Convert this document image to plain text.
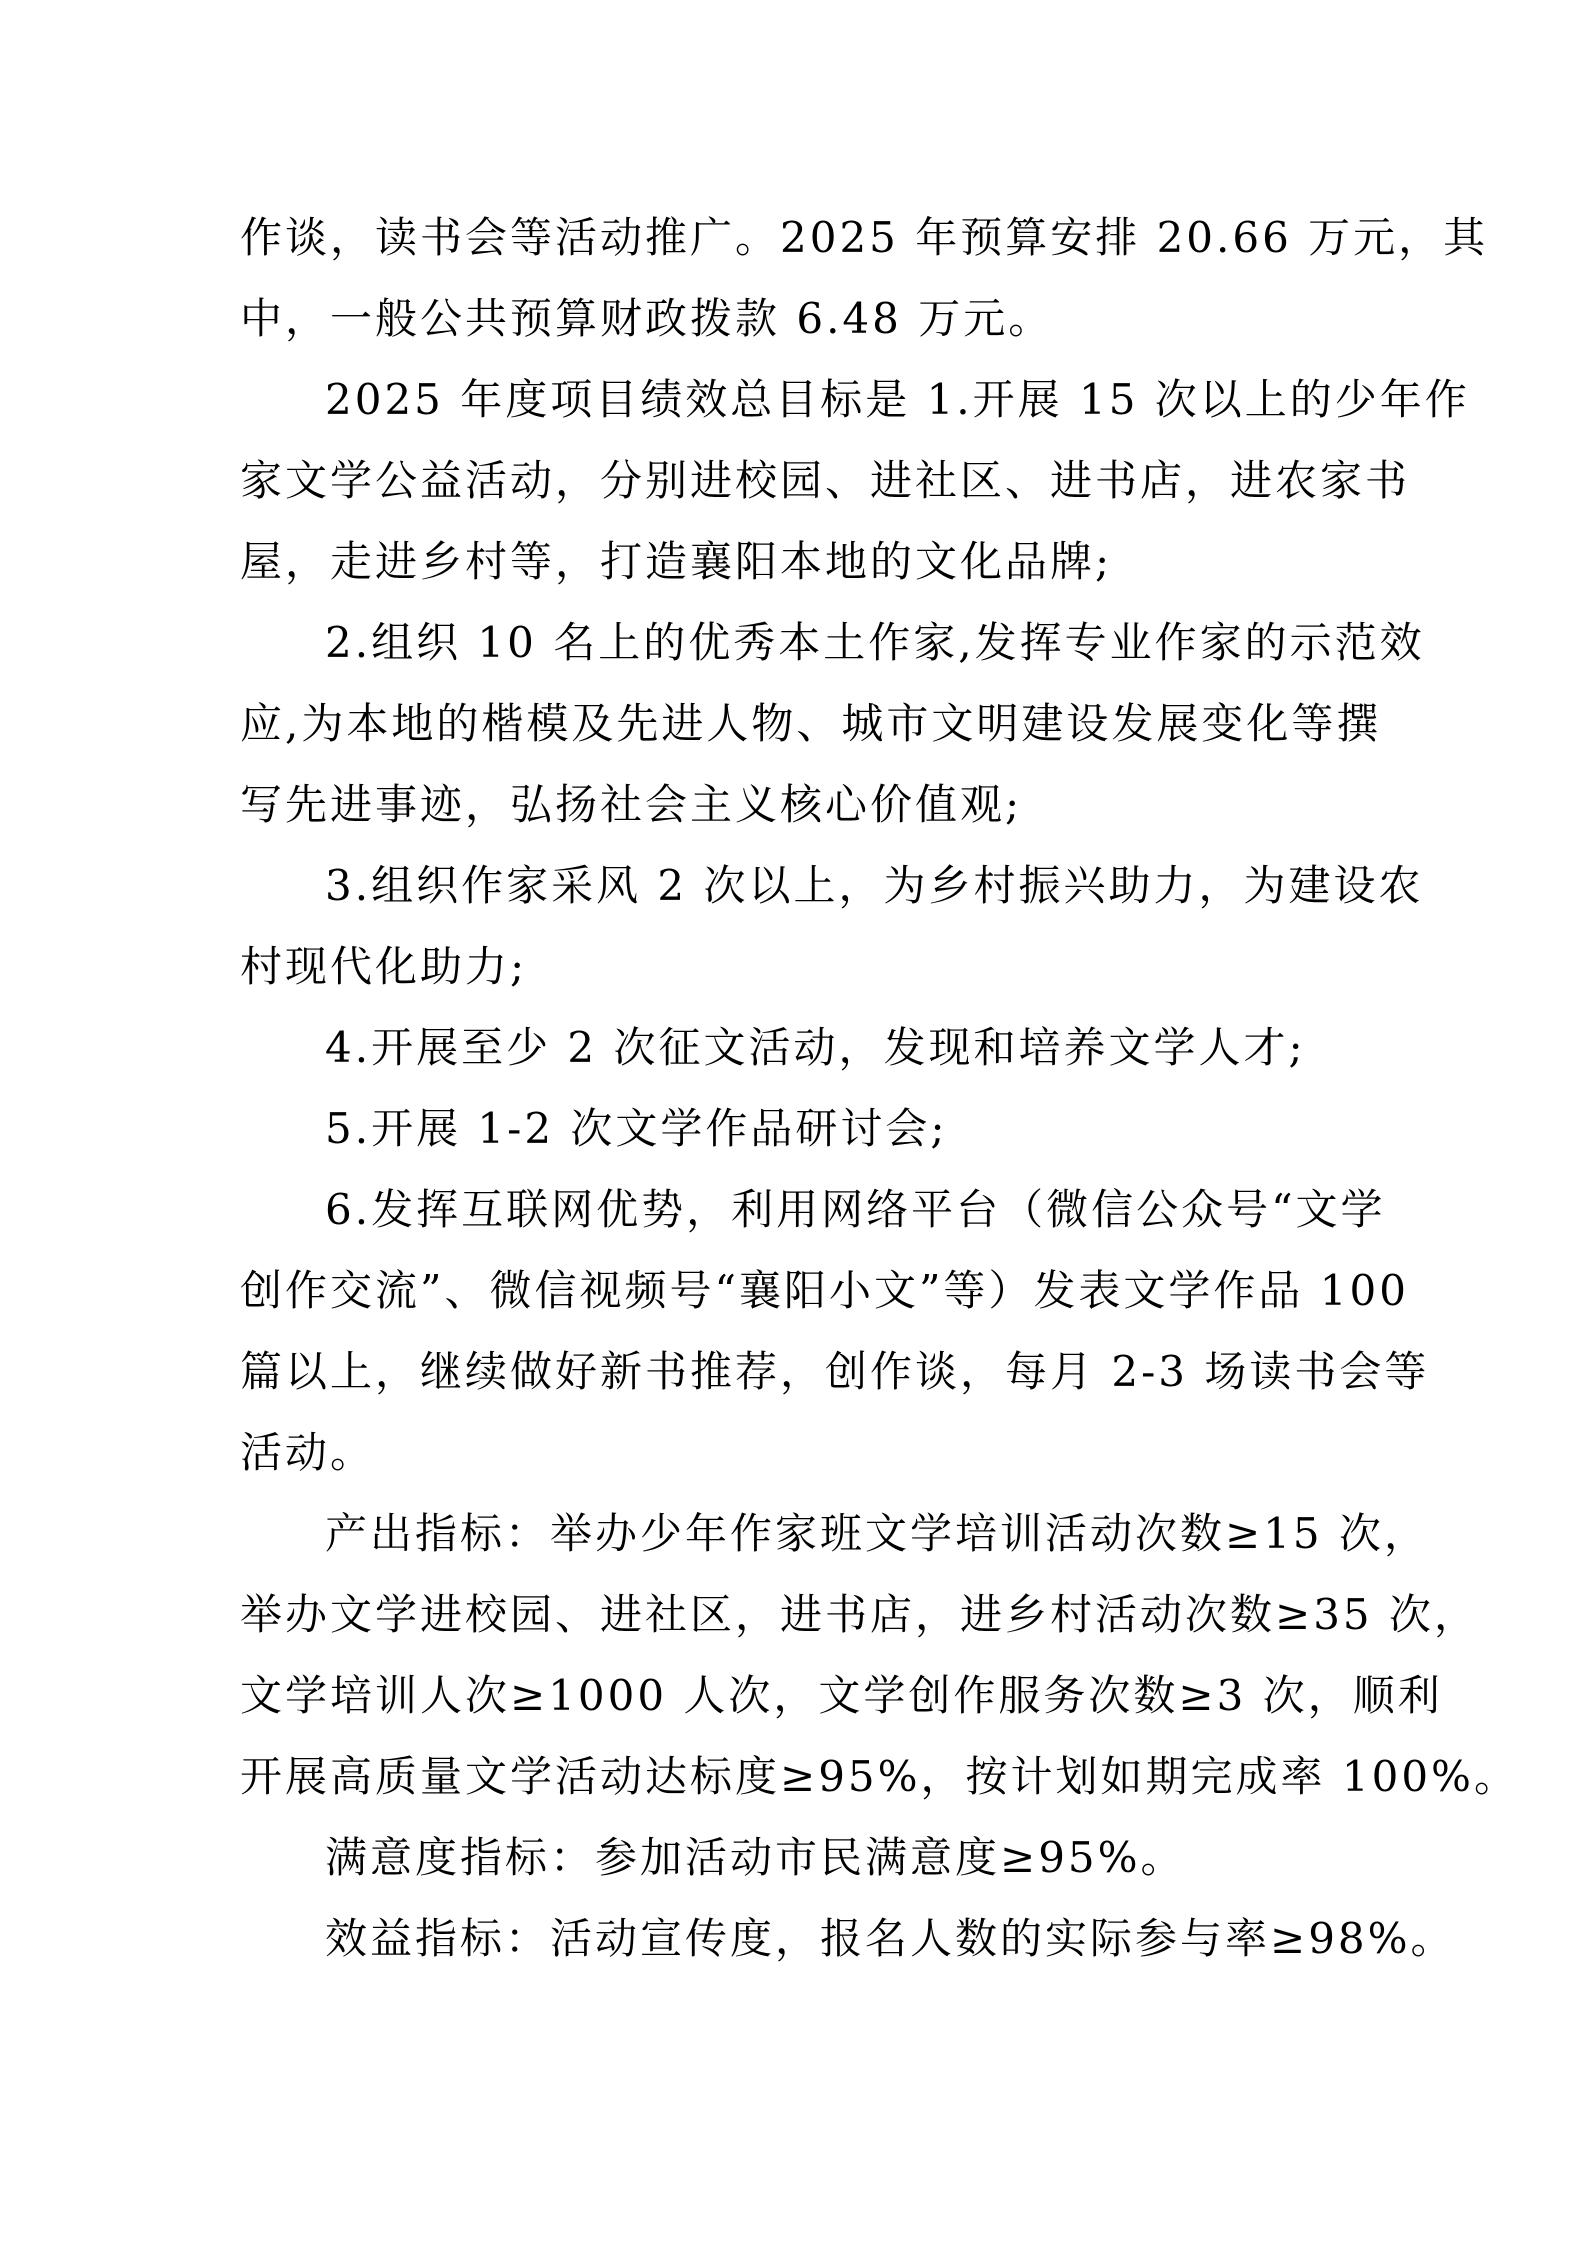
作谈，读书会等活动推广。2025 年预算安排 20.66 万元，其
中，一般公共预算财政拨款 6.48 万元。
2025 年度项目绩效总目标是 1.开展 15 次以上的少年作
家文学公益活动，分别进校园、进社区、进书店，进农家书
屋，走进乡村等，打造襄阳本地的文化品牌;
2.组织 10 名上的优秀本土作家,发挥专业作家的示范效
应,为本地的楷模及先进人物、城市文明建设发展变化等撰
写先进事迹，弘扬社会主义核心价值观;
3.组织作家采风 2 次以上，为乡村振兴助力，为建设农
村现代化助力;
4.开展至少 2 次征文活动，发现和培养文学人才;
5.开展 1-2 次文学作品研讨会;
6.发挥互联网优势，利用网络平台（微信公众号“文学
创作交流”、微信视频号“襄阳小文”等）发表文学作品 100
篇以上，继续做好新书推荐，创作谈，每月 2-3 场读书会等
活动。
产出指标：举办少年作家班文学培训活动次数≥15 次，
举办文学进校园、进社区，进书店，进乡村活动次数≥35 次，
文学培训人次≥1000 人次，文学创作服务次数≥3 次，顺利
开展高质量文学活动达标度≥95%，按计划如期完成率 100%。
满意度指标：参加活动市民满意度≥95%。
效益指标：活动宣传度，报名人数的实际参与率≥98%。
